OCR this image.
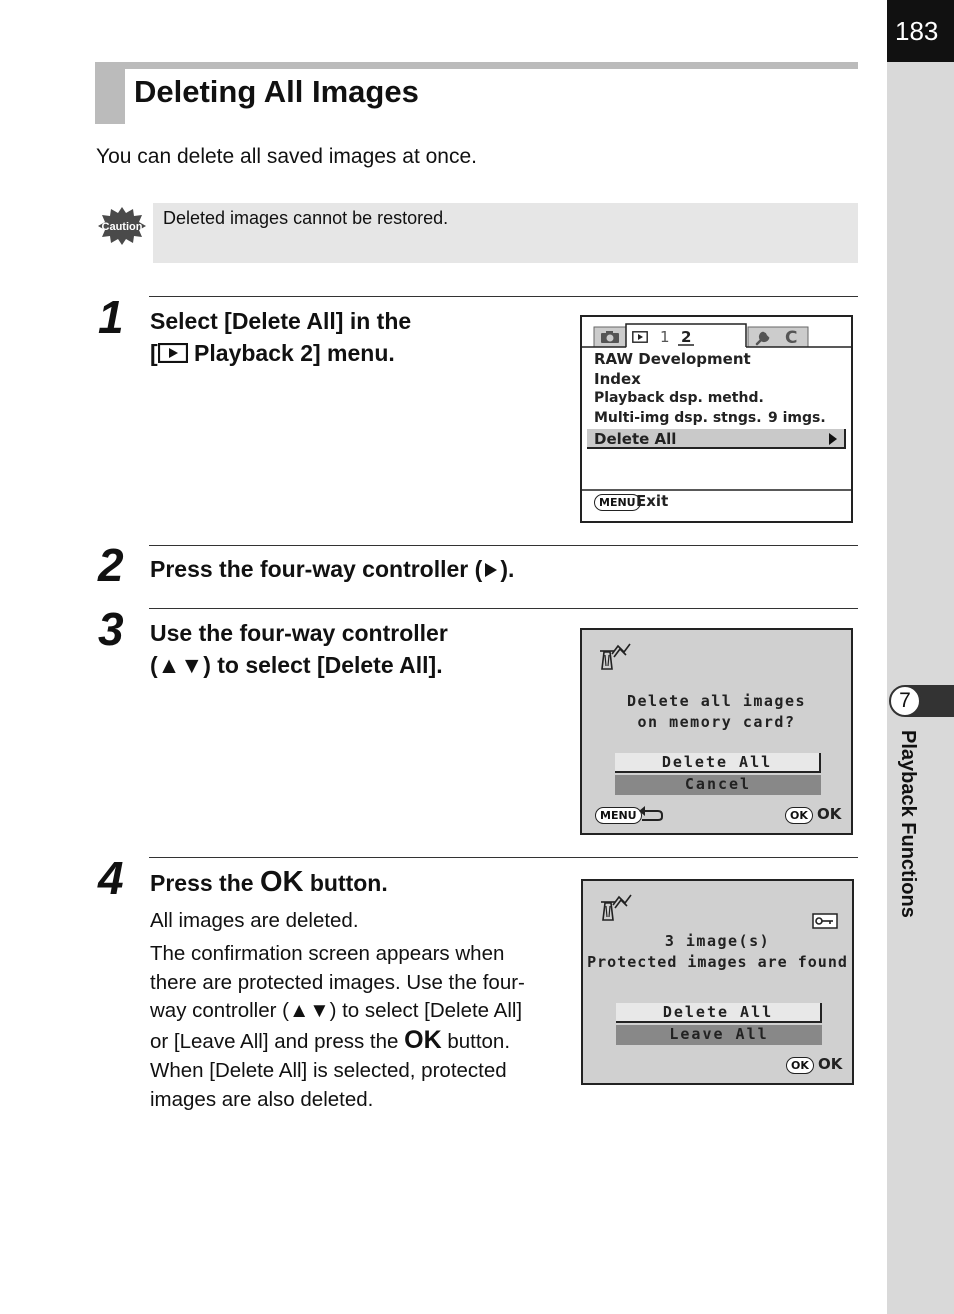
183
7
Playback Functions
Deleting All Images
You can delete all saved images at once.
Caution Deleted images cannot be restored.
1 Select [Delete All] in the
[ Playback 2] menu.
1 2	C
RAW Development
Index
Playback dsp. methd.
Multi-img dsp. stngs. 9 imgs.
Delete All
MENU Exit
2 Press the four-way controller ( ).
3 Use the four-way controller
(▲▼) to select [Delete All].
Delete all images
on memory card?
Delete All
Cancel
MENU	OK OK
4 Press the OK button.
All images are deleted.
The confirmation screen appears when
there are protected images. Use the four-
way controller (▲▼) to select [Delete All]
or [Leave All] and press the OK button.
When [Delete All] is selected, protected
images are also deleted.
3 image(s)
Protected images are found
Delete All
Leave All
OK OK
